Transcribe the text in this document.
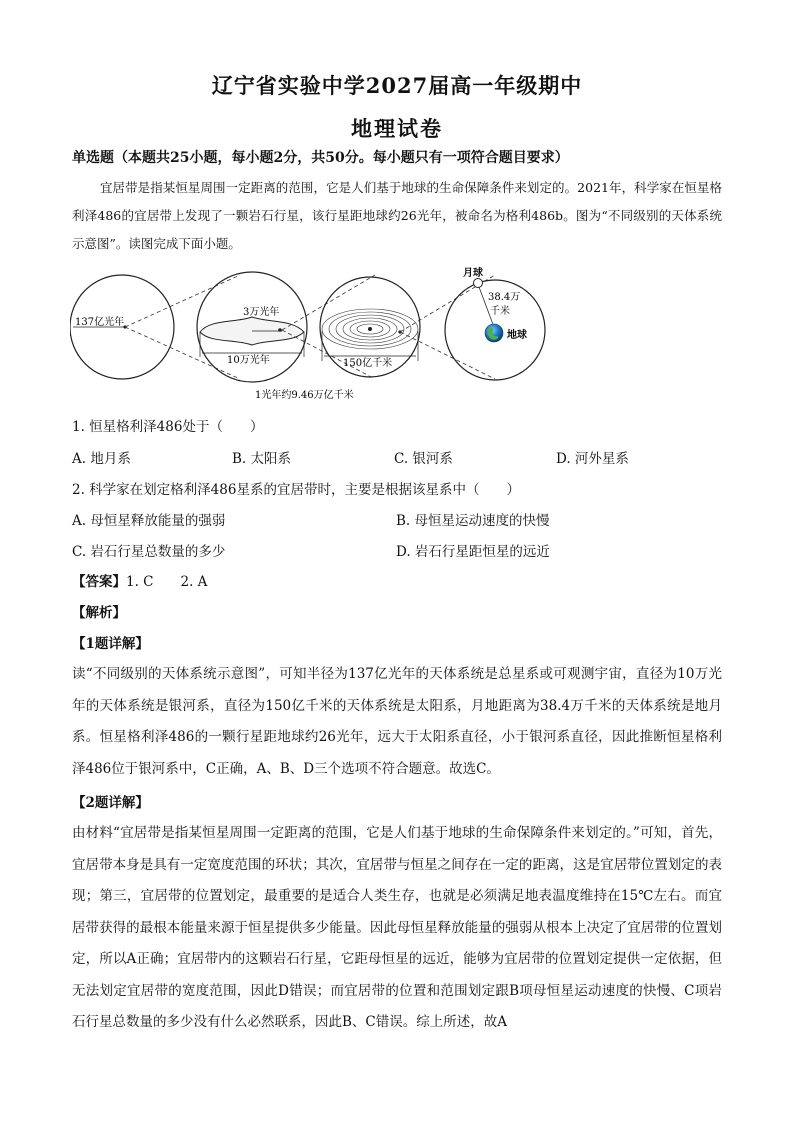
辽宁省实验中学2027届高一年级期中
地理试卷
单选题（本题共25小题，每小题2分，共50分。每小题只有一项符合题目要求）
宜居带是指某恒星周围一定距离的范围，它是人们基于地球的生命保障条件来划定的。2021年，科学家在恒星格利泽486的宜居带上发现了一颗岩石行星，该行星距地球约26光年，被命名为格利486b。图为“不同级别的天体系统示意图”。读图完成下面小题。
137亿光年
3万光年
10万光年	150亿千米
月球
38.4万
千米
地球
1光年约9.46万亿千米
1. 恒星格利泽486处于（　　）
A. 地月系	B. 太阳系	C. 银河系	D. 河外星系
2. 科学家在划定格利泽486星系的宜居带时，主要是根据该星系中（　　）
A. 母恒星释放能量的强弱	B. 母恒星运动速度的快慢
C. 岩石行星总数量的多少	D. 岩石行星距恒星的远近
【答案】1. C　　2. A
【解析】
【1题详解】
读“不同级别的天体系统示意图”，可知半径为137亿光年的天体系统是总星系或可观测宇宙，直径为10万光年的天体系统是银河系，直径为150亿千米的天体系统是太阳系，月地距离为38.4万千米的天体系统是地月系。恒星格利泽486的一颗行星距地球约26光年，远大于太阳系直径，小于银河系直径，因此推断恒星格利泽486位于银河系中，C正确，A、B、D三个选项不符合题意。故选C。
【2题详解】
由材料“宜居带是指某恒星周围一定距离的范围，它是人们基于地球的生命保障条件来划定的。”可知，首先，宜居带本身是具有一定宽度范围的环状；其次，宜居带与恒星之间存在一定的距离，这是宜居带位置划定的表现；第三，宜居带的位置划定，最重要的是适合人类生存，也就是必须满足地表温度维持在15℃左右。而宜居带获得的最根本能量来源于恒星提供多少能量。因此母恒星释放能量的强弱从根本上决定了宜居带的位置划定，所以A正确；宜居带内的这颗岩石行星，它距母恒星的远近，能够为宜居带的位置划定提供一定依据，但无法划定宜居带的宽度范围，因此D错误；而宜居带的位置和范围划定跟B项母恒星运动速度的快慢、C项岩石行星总数量的多少没有什么必然联系，因此B、C错误。综上所述，故A
